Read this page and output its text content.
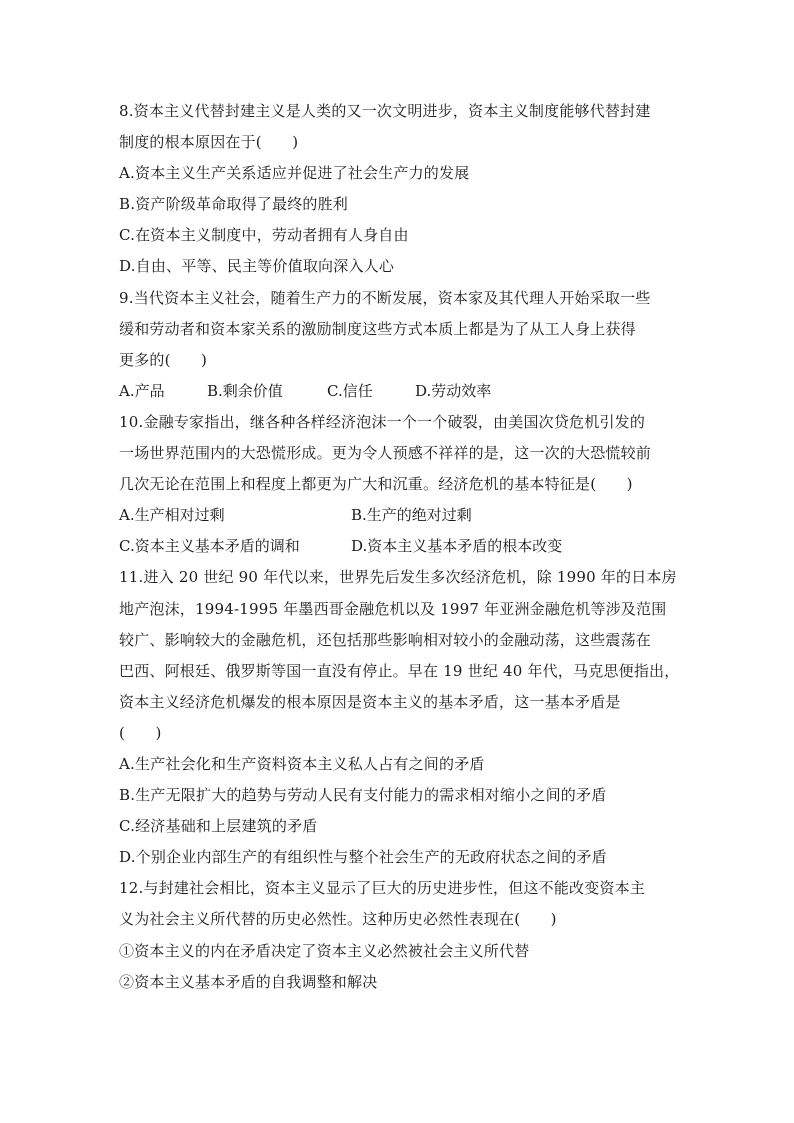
8.资本主义代替封建主义是人类的又一次文明进步，资本主义制度能够代替封建
制度的根本原因在于(　　)
A.资本主义生产关系适应并促进了社会生产力的发展
B.资产阶级革命取得了最终的胜利
C.在资本主义制度中，劳动者拥有人身自由
D.自由、平等、民主等价值取向深入人心
9.当代资本主义社会，随着生产力的不断发展，资本家及其代理人开始采取一些
缓和劳动者和资本家关系的激励制度这些方式本质上都是为了从工人身上获得
更多的(　　)
A.产品	B.剩余价值	C.信任	D.劳动效率
10.金融专家指出，继各种各样经济泡沫一个一个破裂，由美国次贷危机引发的
一场世界范围内的大恐慌形成。更为令人预感不祥祥的是，这一次的大恐慌较前
几次无论在范围上和程度上都更为广大和沉重。经济危机的基本特征是(　　)
A.生产相对过剩	B.生产的绝对过剩
C.资本主义基本矛盾的调和	D.资本主义基本矛盾的根本改变
11.进入 20 世纪 90 年代以来，世界先后发生多次经济危机，除 1990 年的日本房
地产泡沫，1994-1995 年墨西哥金融危机以及 1997 年亚洲金融危机等涉及范围
较广、影响较大的金融危机，还包括那些影响相对较小的金融动荡，这些震荡在
巴西、阿根廷、俄罗斯等国一直没有停止。早在 19 世纪 40 年代，马克思便指出，
资本主义经济危机爆发的根本原因是资本主义的基本矛盾，这一基本矛盾是
(　　)
A.生产社会化和生产资料资本主义私人占有之间的矛盾
B.生产无限扩大的趋势与劳动人民有支付能力的需求相对缩小之间的矛盾
C.经济基础和上层建筑的矛盾
D.个别企业内部生产的有组织性与整个社会生产的无政府状态之间的矛盾
12.与封建社会相比，资本主义显示了巨大的历史进步性，但这不能改变资本主
义为社会主义所代替的历史必然性。这种历史必然性表现在(　　)
①资本主义的内在矛盾决定了资本主义必然被社会主义所代替
②资本主义基本矛盾的自我调整和解决
